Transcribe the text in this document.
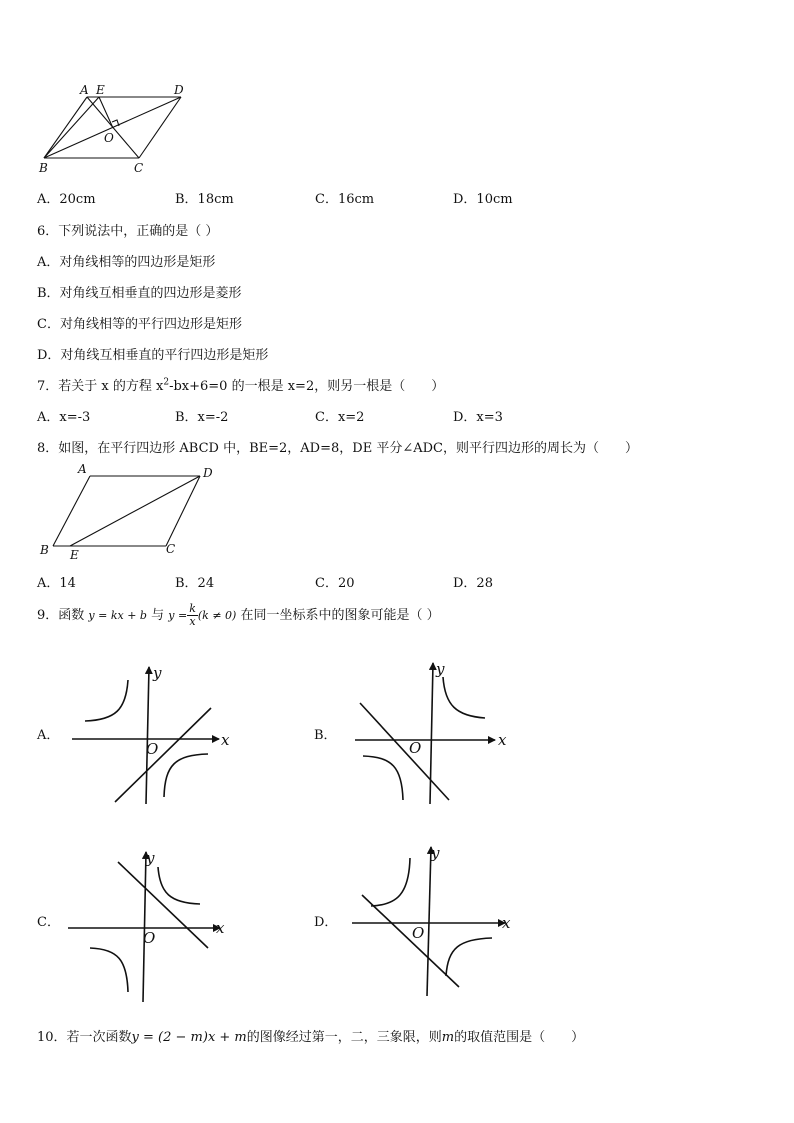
A E	D
O
B	C
A．20cm	B．18cm	C．16cm	D．10cm
6．下列说法中，正确的是（ ）
A．对角线相等的四边形是矩形
B．对角线互相垂直的四边形是菱形
C．对角线相等的平行四边形是矩形
D．对角线互相垂直的平行四边形是矩形
7．若关于 x 的方程 $x^2-bx+6=0$ 的一根是 x=2，则另一根是（　　）
A．x=-3	B．x=-2	C．x=2	D．x=3
8．如图，在平行四边形 ABCD 中，BE=2，AD=8，DE 平分∠ADC，则平行四边形的周长为（　　）
A	D
B E	C
A．14	B．24	C．20	D．28
9．函数 y = kx + b 与 $y = \frac{k}{x} (k \ne 0)$ 在同一坐标系中的图象可能是（ ）
A．	B．
C．	D．
y
x
O
y
x
O
y
x
O
y
x
O
10．若一次函数y = (2 − m)x + m的图像经过第一，二，三象限，则m的取值范围是（　　）
